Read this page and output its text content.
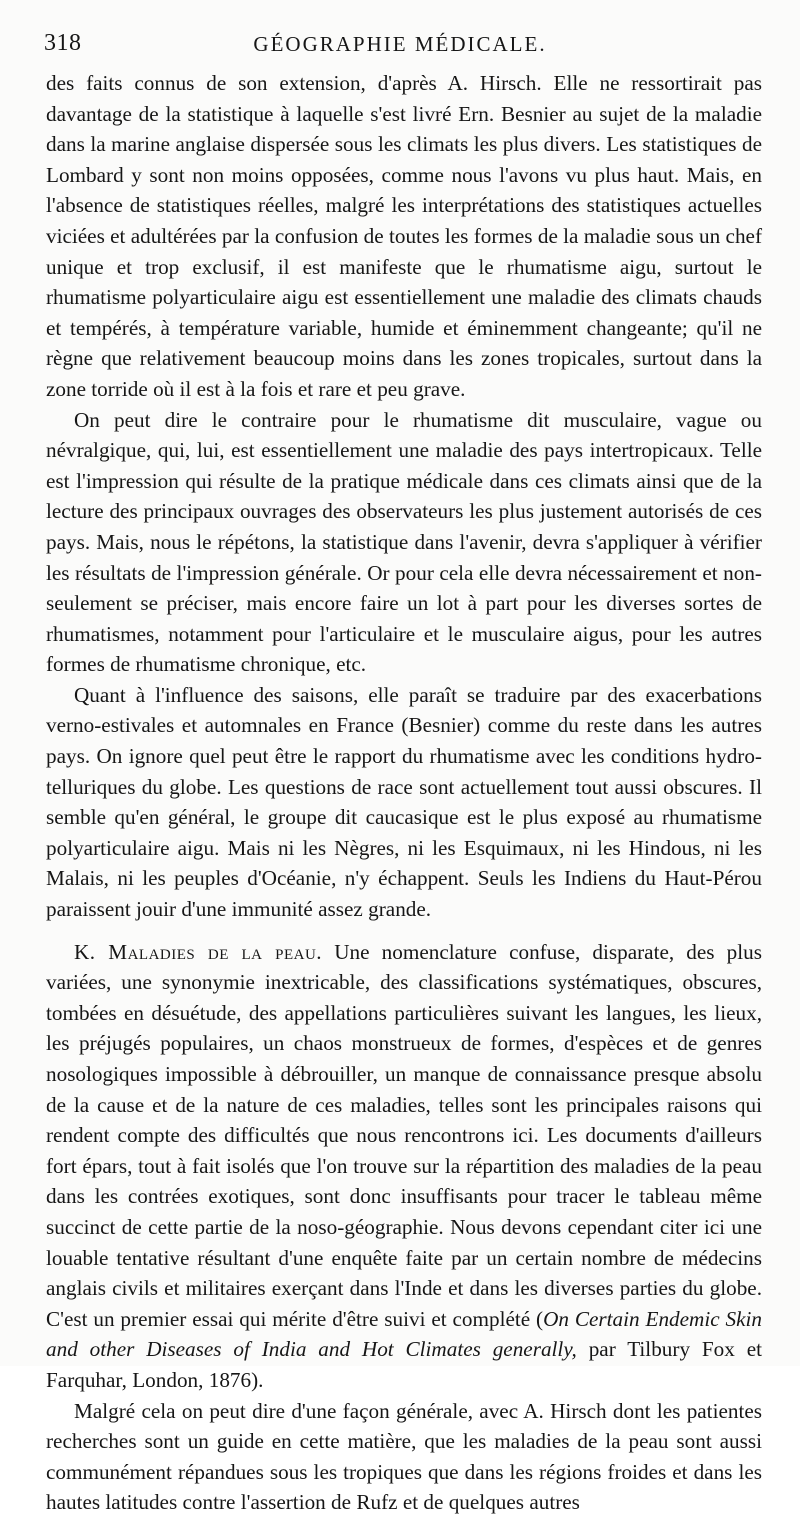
318	GÉOGRAPHIE MÉDICALE.

des faits connus de son extension, d'après A. Hirsch. Elle ne ressortirait pas davantage de la statistique à laquelle s'est livré Ern. Besnier au sujet de la maladie dans la marine anglaise dispersée sous les climats les plus divers. Les statistiques de Lombard y sont non moins opposées, comme nous l'avons vu plus haut. Mais, en l'absence de statistiques réelles, malgré les interprétations des statistiques actuelles viciées et adultérées par la confusion de toutes les formes de la maladie sous un chef unique et trop exclusif, il est manifeste que le rhumatisme aigu, surtout le rhumatisme polyarticulaire aigu est essentiellement une maladie des climats chauds et tempérés, à température variable, humide et éminemment changeante; qu'il ne règne que relativement beaucoup moins dans les zones tropicales, surtout dans la zone torride où il est à la fois et rare et peu grave.

On peut dire le contraire pour le rhumatisme dit musculaire, vague ou névralgique, qui, lui, est essentiellement une maladie des pays intertropicaux. Telle est l'impression qui résulte de la pratique médicale dans ces climats ainsi que de la lecture des principaux ouvrages des observateurs les plus justement autorisés de ces pays. Mais, nous le répétons, la statistique dans l'avenir, devra s'appliquer à vérifier les résultats de l'impression générale. Or pour cela elle devra nécessairement et non-seulement se préciser, mais encore faire un lot à part pour les diverses sortes de rhumatismes, notamment pour l'articulaire et le musculaire aigus, pour les autres formes de rhumatisme chronique, etc.

Quant à l'influence des saisons, elle paraît se traduire par des exacerbations verno-estivales et automnales en France (Besnier) comme du reste dans les autres pays. On ignore quel peut être le rapport du rhumatisme avec les conditions hydro-telluriques du globe. Les questions de race sont actuellement tout aussi obscures. Il semble qu'en général, le groupe dit caucasique est le plus exposé au rhumatisme polyarticulaire aigu. Mais ni les Nègres, ni les Esquimaux, ni les Hindous, ni les Malais, ni les peuples d'Océanie, n'y échappent. Seuls les Indiens du Haut-Pérou paraissent jouir d'une immunité assez grande.

K. Maladies de la peau. Une nomenclature confuse, disparate, des plus variées, une synonymie inextricable, des classifications systématiques, obscures, tombées en désuétude, des appellations particulières suivant les langues, les lieux, les préjugés populaires, un chaos monstrueux de formes, d'espèces et de genres nosologiques impossible à débrouiller, un manque de connaissance presque absolu de la cause et de la nature de ces maladies, telles sont les principales raisons qui rendent compte des difficultés que nous rencontrons ici. Les documents d'ailleurs fort épars, tout à fait isolés que l'on trouve sur la répartition des maladies de la peau dans les contrées exotiques, sont donc insuffisants pour tracer le tableau même succinct de cette partie de la noso-géographie. Nous devons cependant citer ici une louable tentative résultant d'une enquête faite par un certain nombre de médecins anglais civils et militaires exerçant dans l'Inde et dans les diverses parties du globe. C'est un premier essai qui mérite d'être suivi et complété (On Certain Endemic Skin and other Diseases of India and Hot Climates generally, par Tilbury Fox et Farquhar, London, 1876).

Malgré cela on peut dire d'une façon générale, avec A. Hirsch dont les patientes recherches sont un guide en cette matière, que les maladies de la peau sont aussi communément répandues sous les tropiques que dans les régions froides et dans les hautes latitudes contre l'assertion de Rufz et de quelques autres
